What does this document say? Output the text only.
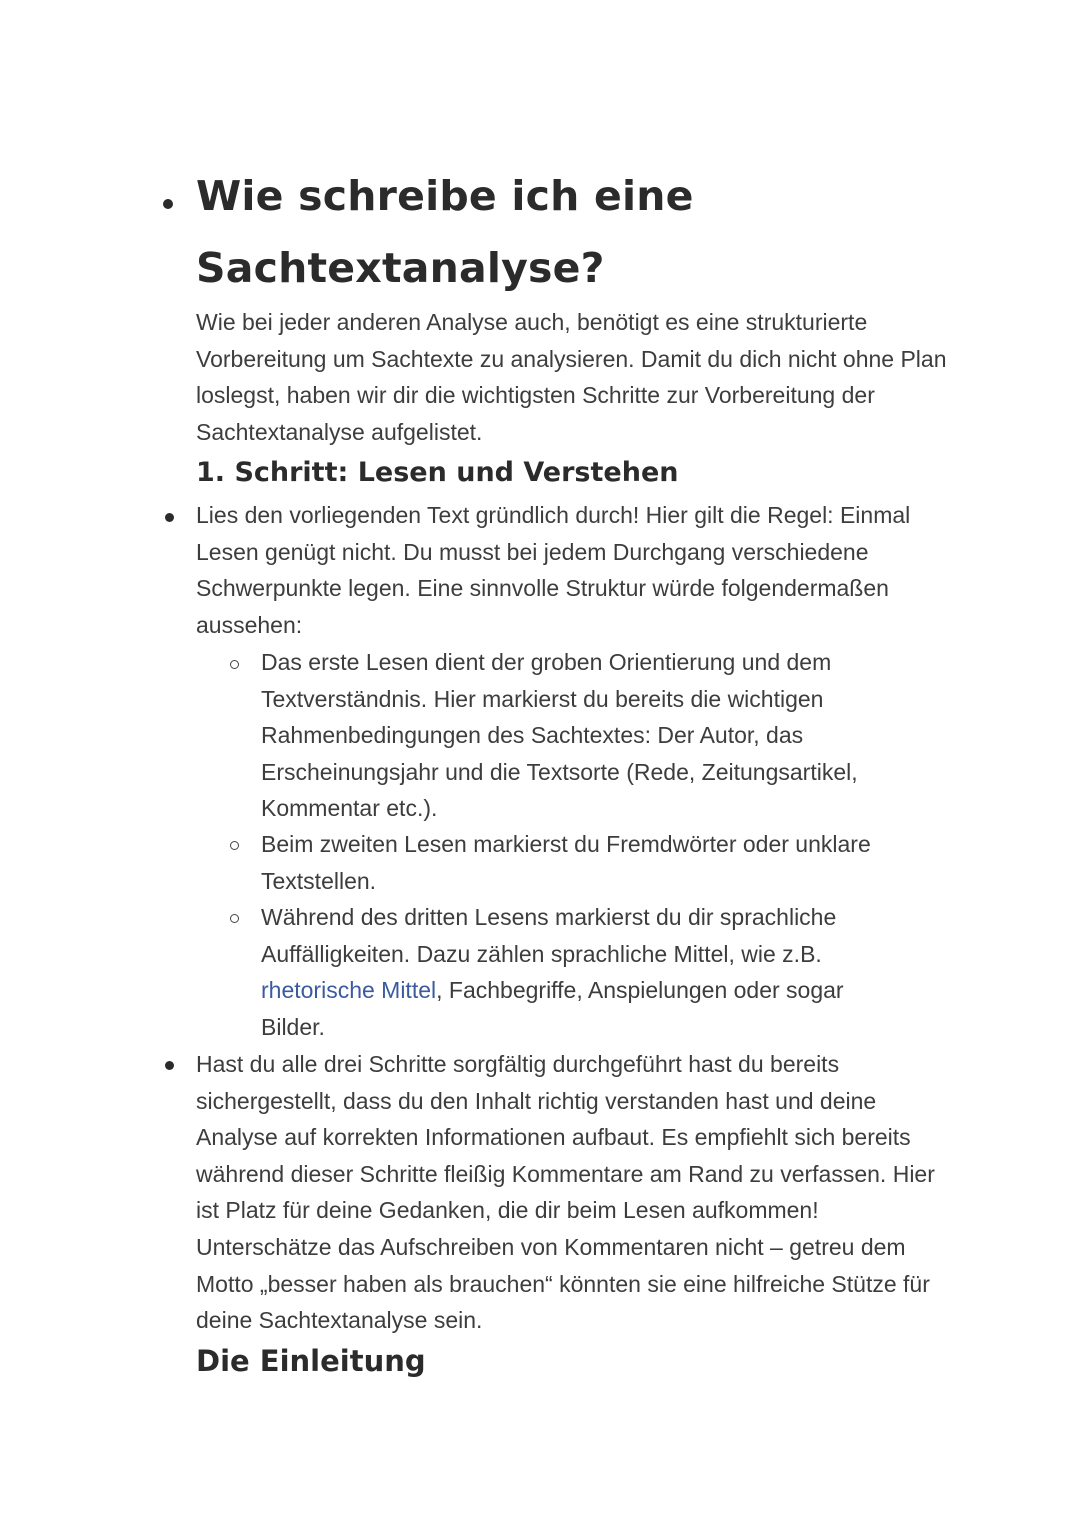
Wie schreibe ich eine Sachtextanalyse?

Wie bei jeder anderen Analyse auch, benötigt es eine strukturierte Vorbereitung um Sachtexte zu analysieren. Damit du dich nicht ohne Plan loslegst, haben wir dir die wichtigsten Schritte zur Vorbereitung der Sachtextanalyse aufgelistet.

1. Schritt: Lesen und Verstehen

Lies den vorliegenden Text gründlich durch! Hier gilt die Regel: Einmal Lesen genügt nicht. Du musst bei jedem Durchgang verschiedene Schwerpunkte legen. Eine sinnvolle Struktur würde folgendermaßen aussehen:

Das erste Lesen dient der groben Orientierung und dem Textverständnis. Hier markierst du bereits die wichtigen Rahmenbedingungen des Sachtextes: Der Autor, das Erscheinungsjahr und die Textsorte (Rede, Zeitungsartikel, Kommentar etc.).

Beim zweiten Lesen markierst du Fremdwörter oder unklare Textstellen.

Während des dritten Lesens markierst du dir sprachliche Auffälligkeiten. Dazu zählen sprachliche Mittel, wie z.B. rhetorische Mittel, Fachbegriffe, Anspielungen oder sogar Bilder.

Hast du alle drei Schritte sorgfältig durchgeführt hast du bereits sichergestellt, dass du den Inhalt richtig verstanden hast und deine Analyse auf korrekten Informationen aufbaut. Es empfiehlt sich bereits während dieser Schritte fleißig Kommentare am Rand zu verfassen. Hier ist Platz für deine Gedanken, die dir beim Lesen aufkommen! Unterschätze das Aufschreiben von Kommentaren nicht – getreu dem Motto „besser haben als brauchen“ könnten sie eine hilfreiche Stütze für deine Sachtextanalyse sein.

Die Einleitung
